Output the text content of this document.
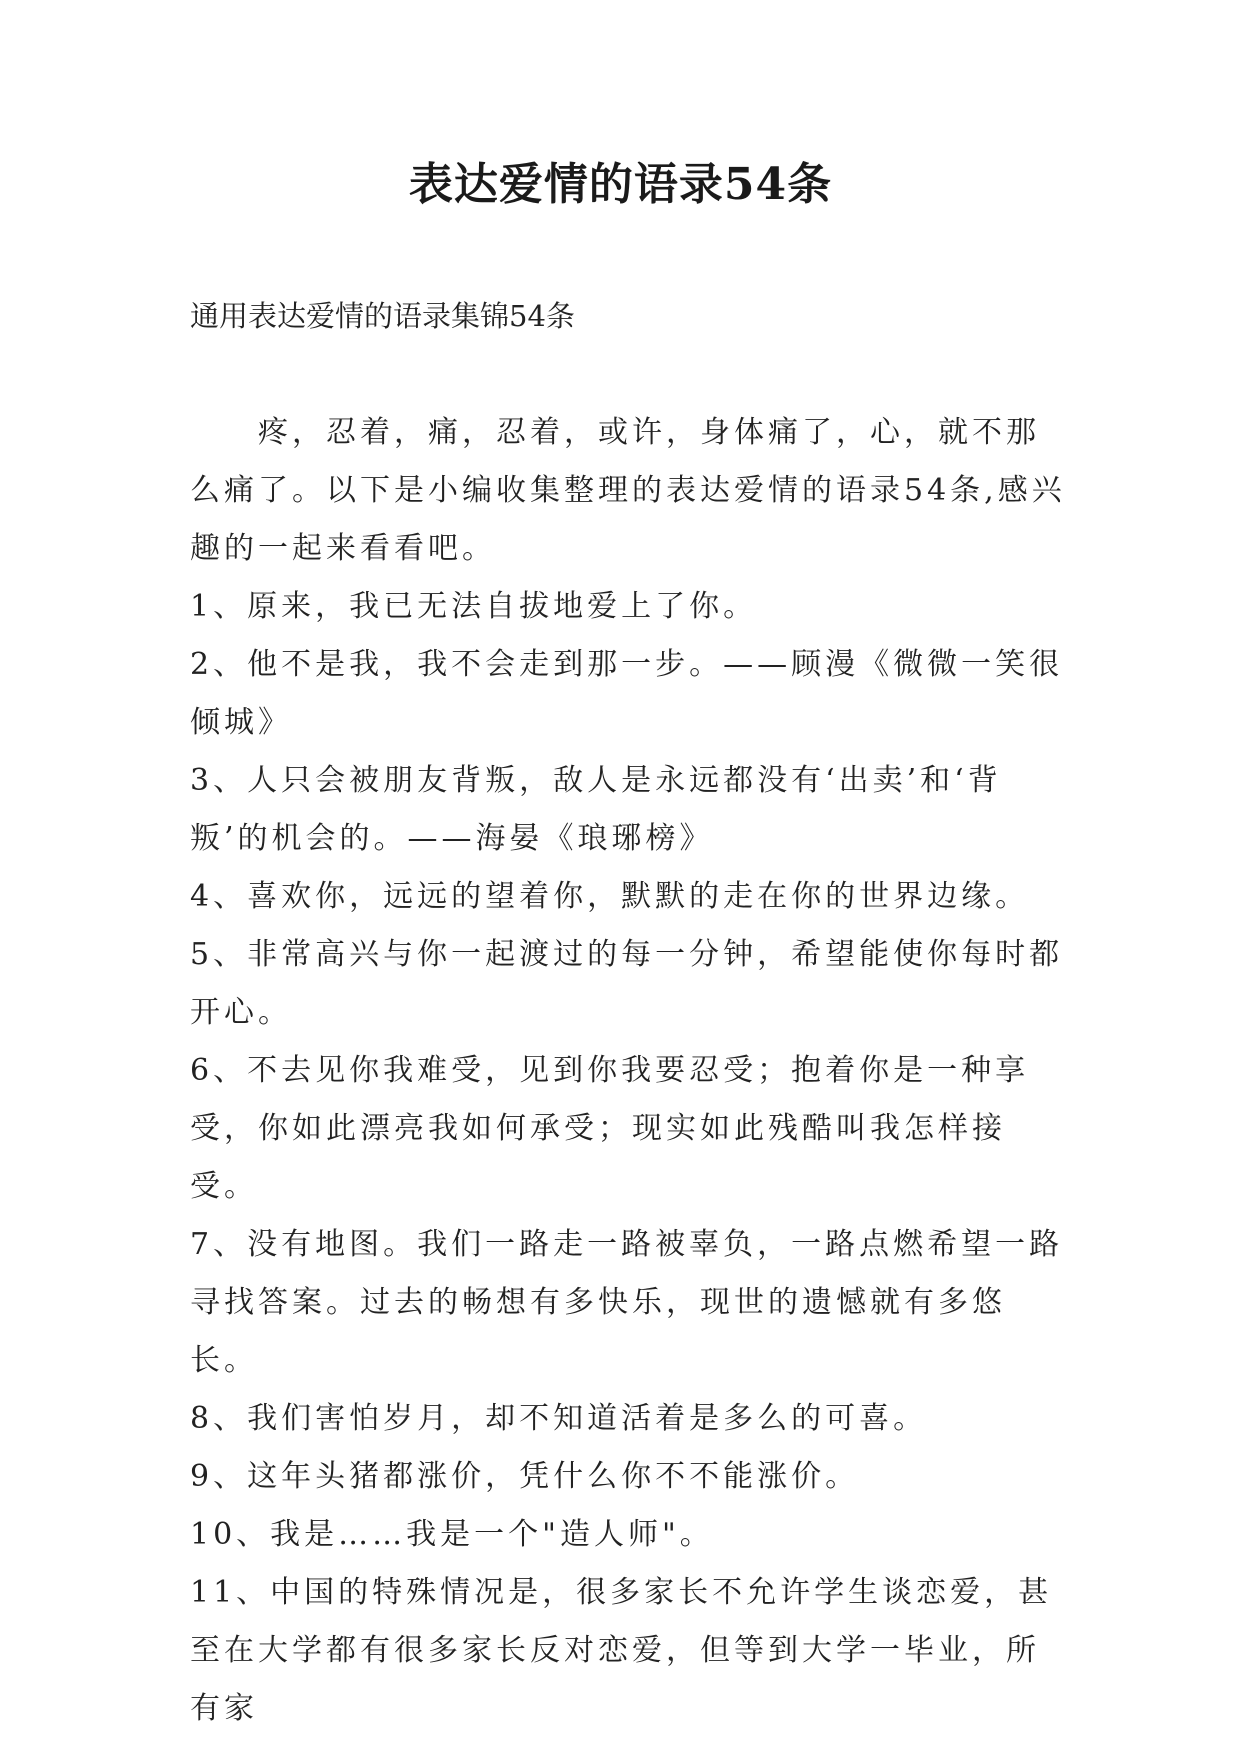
表达爱情的语录54条
通用表达爱情的语录集锦54条

疼，忍着，痛，忍着，或许，身体痛了，心，就不那么痛了。以下是小编收集整理的表达爱情的语录54条,感兴趣的一起来看看吧。

1、原来，我已无法自拔地爱上了你。

2、他不是我，我不会走到那一步。——顾漫《微微一笑很倾城》

3、人只会被朋友背叛，敌人是永远都没有‘出卖’和‘背叛’的机会的。——海晏《琅琊榜》

4、喜欢你，远远的望着你，默默的走在你的世界边缘。

5、非常高兴与你一起渡过的每一分钟，希望能使你每时都开心。

6、不去见你我难受，见到你我要忍受；抱着你是一种享受，你如此漂亮我如何承受；现实如此残酷叫我怎样接受。

7、没有地图。我们一路走一路被辜负，一路点燃希望一路寻找答案。过去的畅想有多快乐，现世的遗憾就有多悠长。

8、我们害怕岁月，却不知道活着是多么的可喜。

9、这年头猪都涨价，凭什么你不不能涨价。

10、我是……我是一个"造人师"。

11、中国的特殊情况是，很多家长不允许学生谈恋爱，甚至在大学都有很多家长反对恋爱，但等到大学一毕业，所有家
